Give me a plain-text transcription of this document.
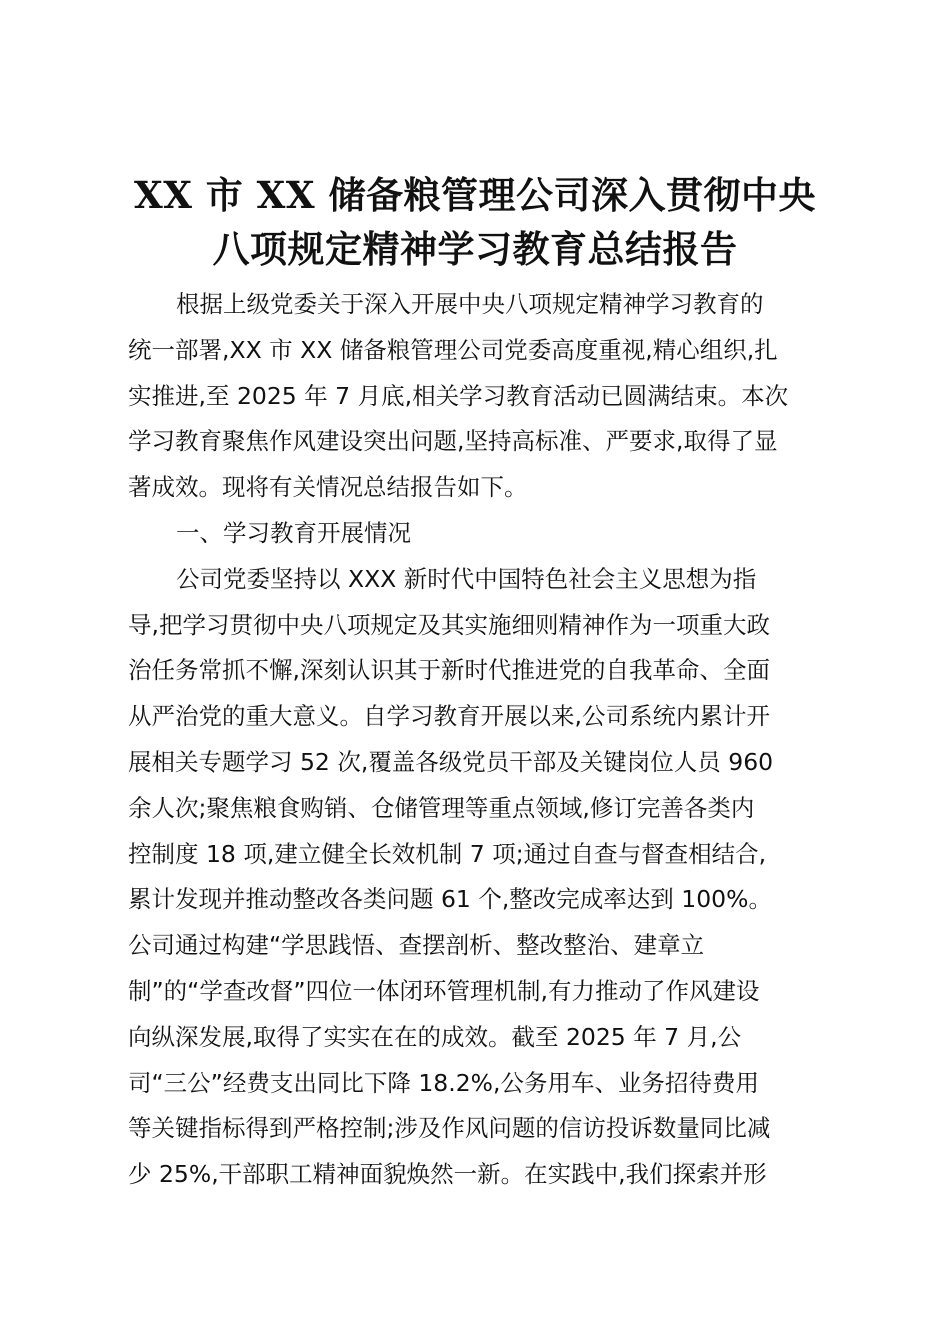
XX 市 XX 储备粮管理公司深入贯彻中央
八项规定精神学习教育总结报告
根据上级党委关于深入开展中央八项规定精神学习教育的
统一部署,XX 市 XX 储备粮管理公司党委高度重视,精心组织,扎
实推进,至 2025 年 7 月底,相关学习教育活动已圆满结束。本次
学习教育聚焦作风建设突出问题,坚持高标准、严要求,取得了显
著成效。现将有关情况总结报告如下。
一、学习教育开展情况
公司党委坚持以 XXX 新时代中国特色社会主义思想为指
导,把学习贯彻中央八项规定及其实施细则精神作为一项重大政
治任务常抓不懈,深刻认识其于新时代推进党的自我革命、全面
从严治党的重大意义。自学习教育开展以来,公司系统内累计开
展相关专题学习 52 次,覆盖各级党员干部及关键岗位人员 960
余人次;聚焦粮食购销、仓储管理等重点领域,修订完善各类内
控制度 18 项,建立健全长效机制 7 项;通过自查与督查相结合,
累计发现并推动整改各类问题 61 个,整改完成率达到 100%。
公司通过构建“学思践悟、查摆剖析、整改整治、建章立
制”的“学查改督”四位一体闭环管理机制,有力推动了作风建设
向纵深发展,取得了实实在在的成效。截至 2025 年 7 月,公
司“三公”经费支出同比下降 18.2%,公务用车、业务招待费用
等关键指标得到严格控制;涉及作风问题的信访投诉数量同比减
少 25%,干部职工精神面貌焕然一新。在实践中,我们探索并形
